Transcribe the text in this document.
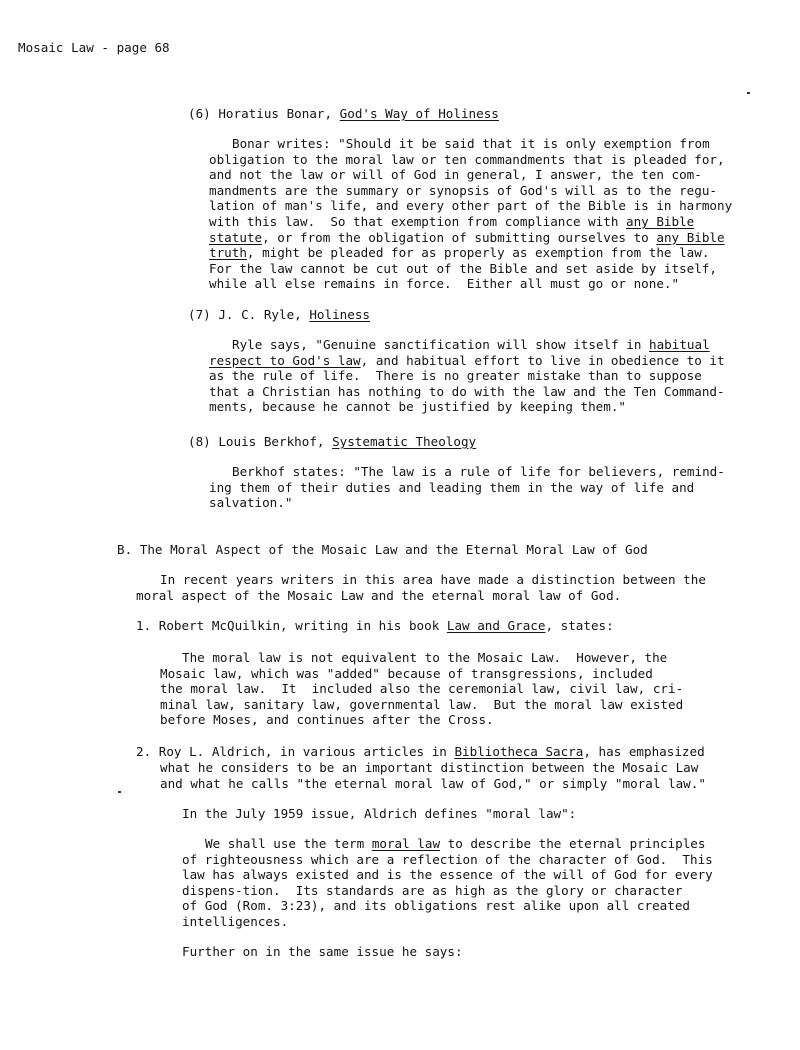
Mosaic Law - page 68
(6) Horatius Bonar, God's Way of Holiness
Bonar writes: "Should it be said that it is only exemption from
obligation to the moral law or ten commandments that is pleaded for,
and not the law or will of God in general, I answer, the ten com-
mandments are the summary or synopsis of God's will as to the regu-
lation of man's life, and every other part of the Bible is in harmony
with this law.  So that exemption from compliance with any Bible
statute, or from the obligation of submitting ourselves to any Bible
truth, might be pleaded for as properly as exemption from the law.
For the law cannot be cut out of the Bible and set aside by itself,
while all else remains in force.  Either all must go or none."
(7) J. C. Ryle, Holiness
Ryle says, "Genuine sanctification will show itself in habitual
respect to God's law, and habitual effort to live in obedience to it
as the rule of life.  There is no greater mistake than to suppose
that a Christian has nothing to do with the law and the Ten Command-
ments, because he cannot be justified by keeping them."
(8) Louis Berkhof, Systematic Theology
Berkhof states: "The law is a rule of life for believers, remind-
ing them of their duties and leading them in the way of life and
salvation."
B. The Moral Aspect of the Mosaic Law and the Eternal Moral Law of God
In recent years writers in this area have made a distinction between the
moral aspect of the Mosaic Law and the eternal moral law of God.
1. Robert McQuilkin, writing in his book Law and Grace, states:
The moral law is not equivalent to the Mosaic Law.  However, the
Mosaic law, which was "added" because of transgressions, included
the moral law.  It  included also the ceremonial law, civil law, cri-
minal law, sanitary law, governmental law.  But the moral law existed
before Moses, and continues after the Cross.
2. Roy L. Aldrich, in various articles in Bibliotheca Sacra, has emphasized
what he considers to be an important distinction between the Mosaic Law
and what he calls "the eternal moral law of God," or simply "moral law."
In the July 1959 issue, Aldrich defines "moral law":
We shall use the term moral law to describe the eternal principles
of righteousness which are a reflection of the character of God.  This
law has always existed and is the essence of the will of God for every
dispens-tion.  Its standards are as high as the glory or character
of God (Rom. 3:23), and its obligations rest alike upon all created
intelligences.
Further on in the same issue he says:
